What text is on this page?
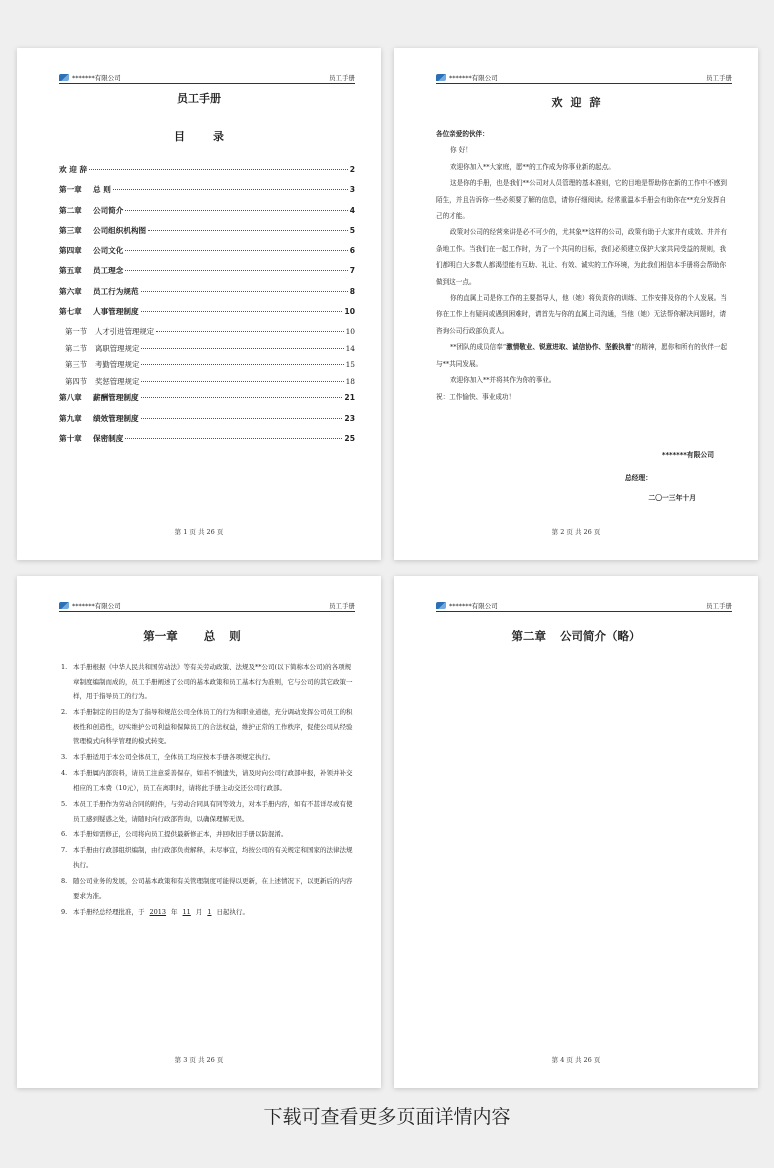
*******有限公司	员工手册
员工手册
目录
欢 迎 辞	2
第一章	总 则	3
第二章	公司简介	4
第三章	公司组织机构图	5
第四章	公司文化	6
第五章	员工理念	7
第六章	员工行为规范	8
第七章	人事管理制度	10
第一节	人才引进管理规定	10
第二节	离职管理规定	14
第三节	考勤管理规定	15
第四节	奖惩管理规定	18
第八章	薪酬管理制度	21
第九章	绩效管理制度	23
第十章	保密制度	25
第 1 页 共 26 页
*******有限公司	员工手册
欢迎辞
各位亲爱的伙伴：

你 好！

欢迎你加入**大家庭，愿**的工作成为你事业新的起点。

这是你的手册，也是我们**公司对人员管理的基本准则，它的目地是帮助你在新的工作中不感到陌生，并且告诉你一些必须要了解的信息，请你仔细阅读。经常重温本手册会有助你在**充分发挥自己的才能。

政策对公司的经营来讲是必不可少的，尤其象**这样的公司，政策有助于大家井有成效、井并有条地工作。当我们在一起工作时，为了一个共同的目标，我们必须建立保护大家共同受益的规则，我们都明白大多数人都渴望能有互助、礼让、有效、诚实的工作环境，为此我们相信本手册将会帮助你做到这一点。

你的直属上司是你工作的主要指导人，他（她）将负责你的训练、工作安排及你的个人发展。当你在工作上有疑问或遇到困难时，请首先与你的直属上司沟通，当他（她）无法帮你解决问题时，请咨询公司行政部负责人。

**团队的成员信奉“激情敬业、锐意进取、诚信协作、坚毅执着”的精神，愿你和所有的伙伴一起与**共同发展。

欢迎你加入**并将其作为你的事业。

祝：工作愉快、事业成功！
*******有限公司
总经理：
二〇一三年十月
第 2 页 共 26 页
*******有限公司	员工手册
第一章 总则
1. 本手册根据《中华人民共和国劳动法》等有关劳动政策、法规及**公司(以下简称本公司)的各项规章制度编制而成的，员工手册阐述了公司的基本政策和员工基本行为准则，它与公司的其它政策一样，用于指导员工的行为。
2. 本手册制定的目的是为了指导和规范公司全体员工的行为和职业道德，充分调动发挥公司员工的积极性和创造性，切实维护公司利益和保障员工的合法权益，维护正常的工作秩序，促使公司从经验管理模式向科学管理的模式转变。
3. 本手册适用于本公司全体员工，全体员工均应按本手册各项规定执行。
4. 本手册属内部资料，请员工注意妥善保存，如若不慎遗失，请及时向公司行政部申报，补领并补交相应的工本费（10元），员工在离职时，请将此手册主动交还公司行政部。
5. 本员工手册作为劳动合同的附件，与劳动合同具有同等效力，对本手册内容，如有不甚详尽或有使员工感到疑惑之处，请随时向行政部咨询，以确保理解无误。
6. 本手册如需修正，公司将向员工提供最新修正本，并回收旧手册以防混淆。
7. 本手册由行政部组织编制，由行政部负责解释，未尽事宜，均按公司的有关规定和国家的法律法规执行。
8. 随公司业务的发展，公司基本政策和有关管理制度可能得以更新，在上述情况下，以更新后的内容要求为准。
9. 本手册经总经理批准，于 2013 年 11 月 1 日起执行。
第 3 页 共 26 页
*******有限公司	员工手册
第二章 公司简介（略）
第 4 页 共 26 页
下载可查看更多页面详情内容
